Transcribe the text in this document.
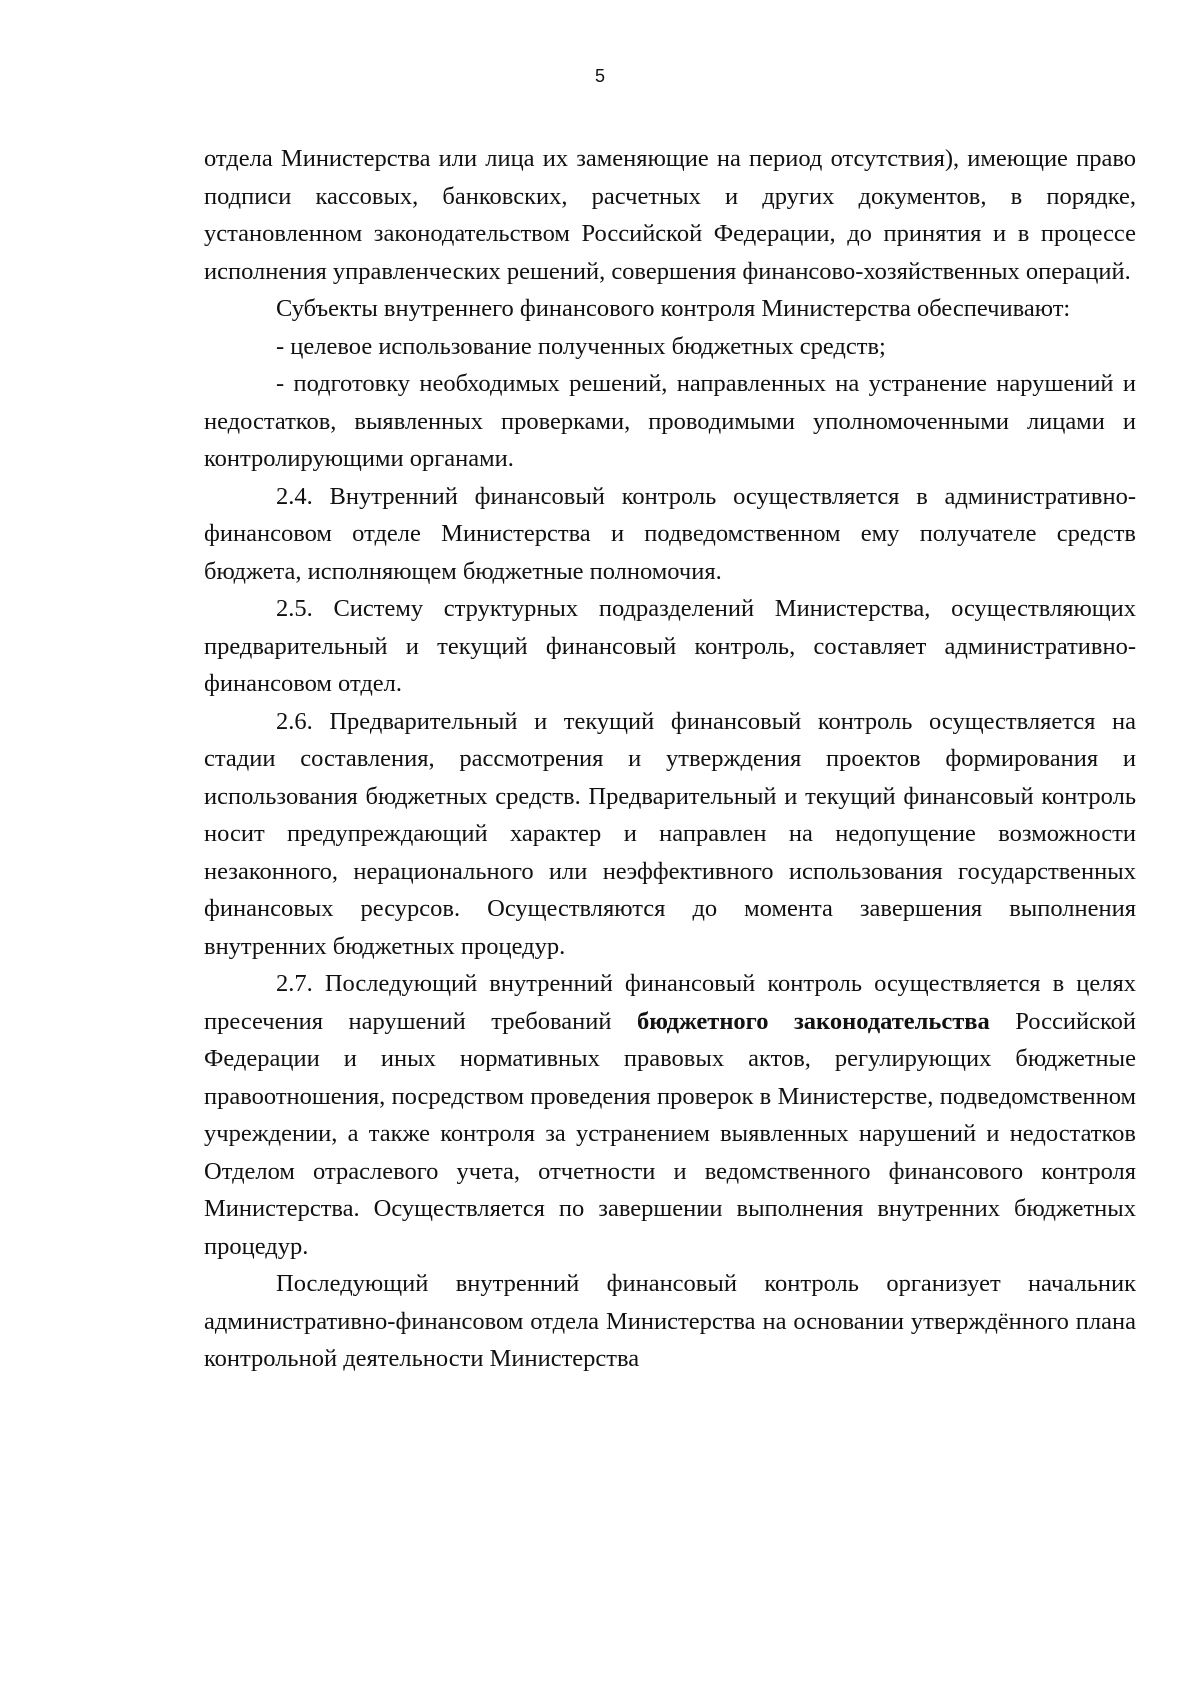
5

отдела Министерства или лица их заменяющие на период отсутствия), имеющие право подписи кассовых, банковских, расчетных и других документов, в порядке, установленном законодательством Российской Федерации, до принятия и в процессе исполнения управленческих решений, совершения финансово-хозяйственных операций.

Субъекты внутреннего финансового контроля Министерства обеспечивают:

- целевое использование полученных бюджетных средств;

- подготовку необходимых решений, направленных на устранение нарушений и недостатков, выявленных проверками, проводимыми уполномоченными лицами и контролирующими органами.

2.4. Внутренний финансовый контроль осуществляется в административно-финансовом отделе Министерства и подведомственном ему получателе средств бюджета, исполняющем бюджетные полномочия.

2.5. Систему структурных подразделений Министерства, осуществляющих предварительный и текущий финансовый контроль, составляет административно-финансовом отдел.

2.6. Предварительный и текущий финансовый контроль осуществляется на стадии составления, рассмотрения и утверждения проектов формирования и использования бюджетных средств. Предварительный и текущий финансовый контроль носит предупреждающий характер и направлен на недопущение возможности незаконного, нерационального или неэффективного использования государственных финансовых ресурсов. Осуществляются до момента завершения выполнения внутренних бюджетных процедур.

2.7. Последующий внутренний финансовый контроль осуществляется в целях пресечения нарушений требований бюджетного законодательства Российской Федерации и иных нормативных правовых актов, регулирующих бюджетные правоотношения, посредством проведения проверок в Министерстве, подведомственном учреждении, а также контроля за устранением выявленных нарушений и недостатков Отделом отраслевого учета, отчетности и ведомственного финансового контроля Министерства. Осуществляется по завершении выполнения внутренних бюджетных процедур.

Последующий внутренний финансовый контроль организует начальник административно-финансовом отдела Министерства на основании утверждённого плана контрольной деятельности Министерства
